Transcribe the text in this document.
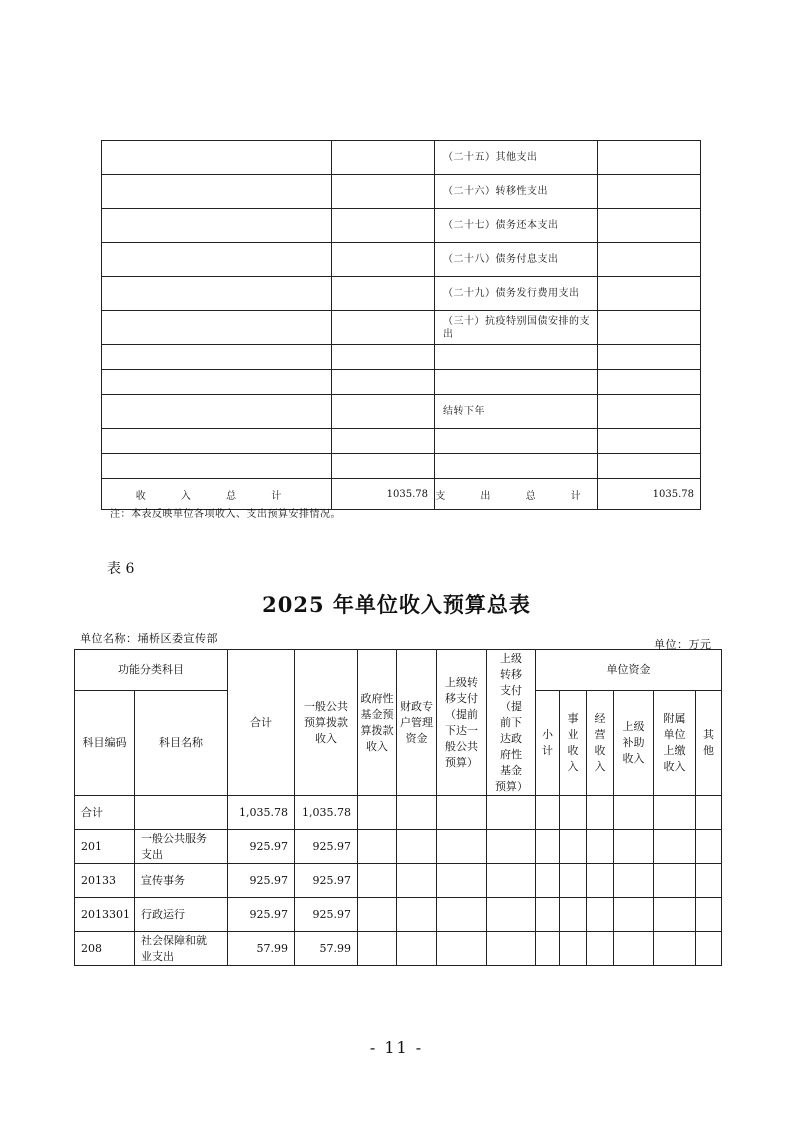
		（二十五）其他支出	
		（二十六）转移性支出	
		（二十七）债务还本支出	
		（二十八）债务付息支出	
		（二十九）债务发行费用支出	
		（三十）抗疫特别国债安排的支出	

		结转下年	

收 入 总 计	1035.78	支 出 总 计	1035.78
注：本表反映单位各项收入、支出预算安排情况。
表 6
2025 年单位收入预算总表
单位名称：埇桥区委宣传部	单位：万元
功能分类科目		合计	一般公共预算拨款收入	政府性基金预算拨款收入	财政专户管理资金	上级转移支付（提前下达一般公共预算）	上级转移支付（提前下达政府性基金预算）	单位资金					
科目编码	科目名称							小计	事业收入	经营收入	上级补助收入	附属单位上缴收入	其他
合计		1,035.78	1,035.78										
201	一般公共服务支出	925.97	925.97										
20133	宣传事务	925.97	925.97										
2013301	行政运行	925.97	925.97										
208	社会保障和就业支出	57.99	57.99										
- 11 -
